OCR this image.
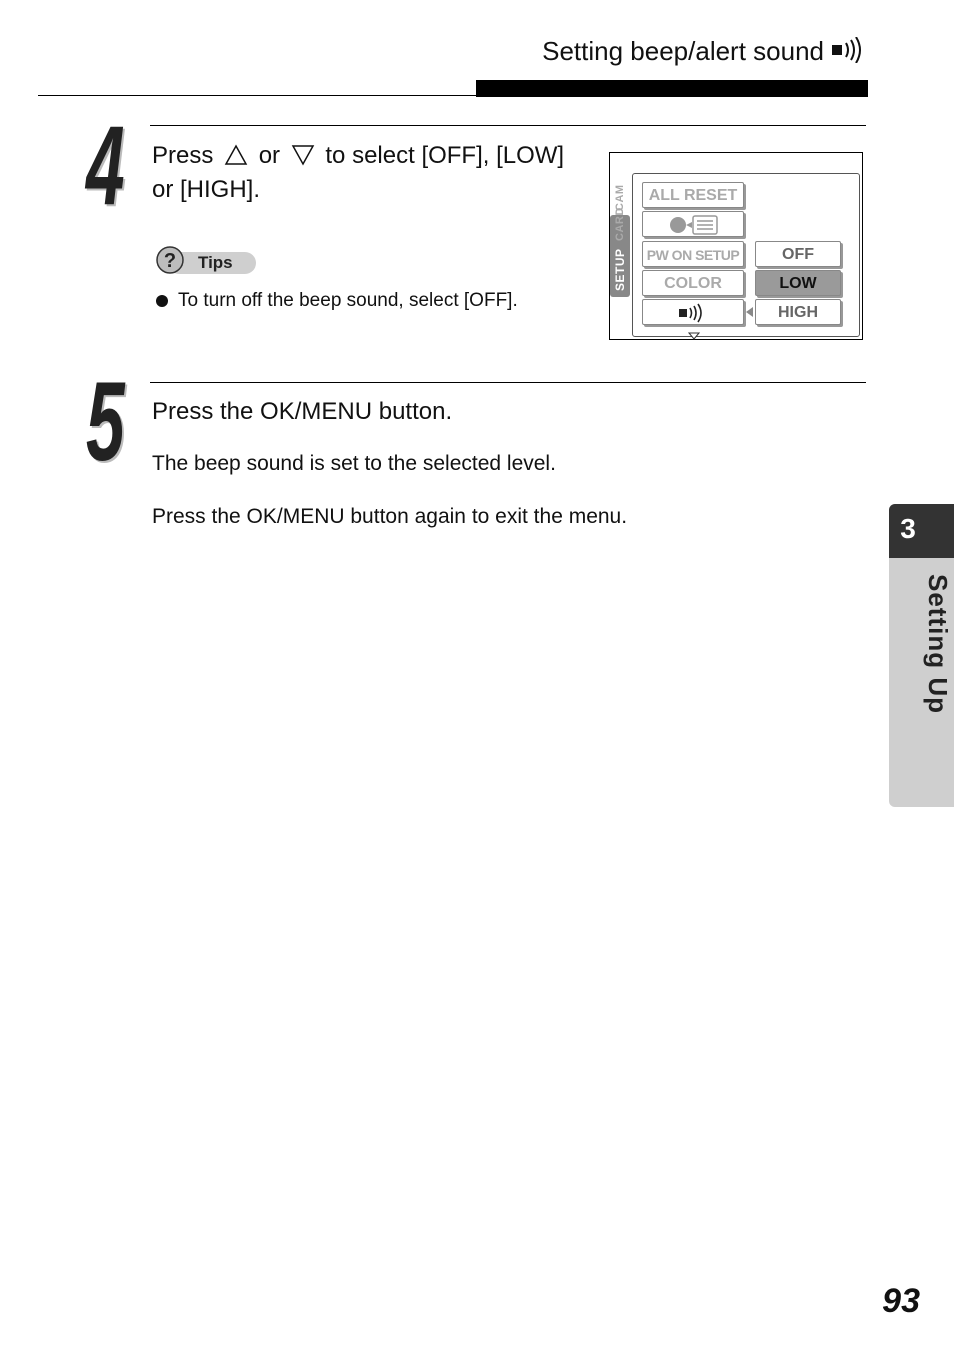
Setting beep/alert sound
4 Press or to select [OFF], [LOW] or [HIGH].
? Tips
To turn off the beep sound, select [OFF].
SETUP
CARD
CAM	ALL RESET
PW ON SETUP
COLOR
OFF
LOW
HIGH
5 Press the OK/MENU button.
The beep sound is set to the selected level.
Press the OK/MENU button again to exit the menu.	3
Setting Up
93
